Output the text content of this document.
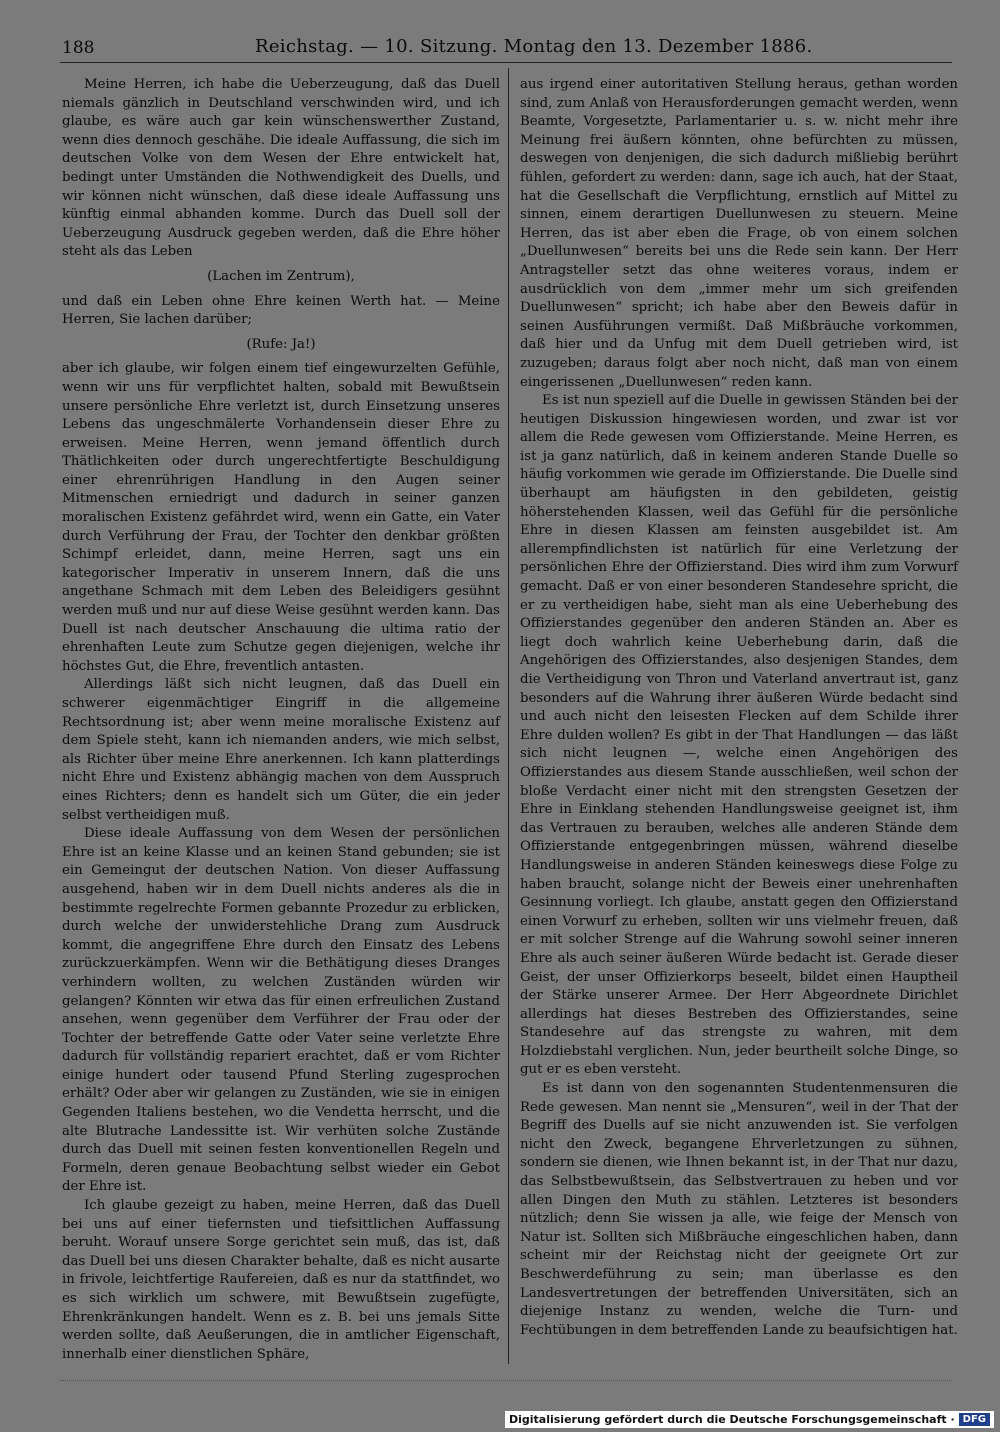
188	Reichstag. — 10. Sitzung. Montag den 13. Dezember 1886.

Meine Herren, ich habe die Ueberzeugung, daß das Duell niemals gänzlich in Deutschland verschwinden wird, und ich glaube, es wäre auch gar kein wünschenswerther Zustand, wenn dies dennoch geschähe. Die ideale Auffassung, die sich im deutschen Volke von dem Wesen der Ehre entwickelt hat, bedingt unter Umständen die Nothwendigkeit des Duells, und wir können nicht wünschen, daß diese ideale Auffassung uns künftig einmal abhanden komme. Durch das Duell soll der Ueberzeugung Ausdruck gegeben werden, daß die Ehre höher steht als das Leben

(Lachen im Zentrum),

und daß ein Leben ohne Ehre keinen Werth hat. — Meine Herren, Sie lachen darüber;

(Rufe: Ja!)

aber ich glaube, wir folgen einem tief eingewurzelten Gefühle, wenn wir uns für verpflichtet halten, sobald mit Bewußtsein unsere persönliche Ehre verletzt ist, durch Einsetzung unseres Lebens das ungeschmälerte Vorhandensein dieser Ehre zu erweisen. Meine Herren, wenn jemand öffentlich durch Thätlichkeiten oder durch ungerechtfertigte Beschuldigung einer ehrenrührigen Handlung in den Augen seiner Mitmenschen erniedrigt und dadurch in seiner ganzen moralischen Existenz gefährdet wird, wenn ein Gatte, ein Vater durch Verführung der Frau, der Tochter den denkbar größten Schimpf erleidet, dann, meine Herren, sagt uns ein kategorischer Imperativ in unserem Innern, daß die uns angethane Schmach mit dem Leben des Beleidigers gesühnt werden muß und nur auf diese Weise gesühnt werden kann. Das Duell ist nach deutscher Anschauung die ultima ratio der ehrenhaften Leute zum Schutze gegen diejenigen, welche ihr höchstes Gut, die Ehre, freventlich antasten.

Allerdings läßt sich nicht leugnen, daß das Duell ein schwerer eigenmächtiger Eingriff in die allgemeine Rechtsordnung ist; aber wenn meine moralische Existenz auf dem Spiele steht, kann ich niemanden anders, wie mich selbst, als Richter über meine Ehre anerkennen. Ich kann platterdings nicht Ehre und Existenz abhängig machen von dem Ausspruch eines Richters; denn es handelt sich um Güter, die ein jeder selbst vertheidigen muß.

Diese ideale Auffassung von dem Wesen der persönlichen Ehre ist an keine Klasse und an keinen Stand gebunden; sie ist ein Gemeingut der deutschen Nation. Von dieser Auffassung ausgehend, haben wir in dem Duell nichts anderes als die in bestimmte regelrechte Formen gebannte Prozedur zu erblicken, durch welche der unwiderstehliche Drang zum Ausdruck kommt, die angegriffene Ehre durch den Einsatz des Lebens zurückzuerkämpfen. Wenn wir die Bethätigung dieses Dranges verhindern wollten, zu welchen Zuständen würden wir gelangen? Könnten wir etwa das für einen erfreulichen Zustand ansehen, wenn gegenüber dem Verführer der Frau oder der Tochter der betreffende Gatte oder Vater seine verletzte Ehre dadurch für vollständig repariert erachtet, daß er vom Richter einige hundert oder tausend Pfund Sterling zugesprochen erhält? Oder aber wir gelangen zu Zuständen, wie sie in einigen Gegenden Italiens bestehen, wo die Vendetta herrscht, und die alte Blutrache Landessitte ist. Wir verhüten solche Zustände durch das Duell mit seinen festen konventionellen Regeln und Formeln, deren genaue Beobachtung selbst wieder ein Gebot der Ehre ist.

Ich glaube gezeigt zu haben, meine Herren, daß das Duell bei uns auf einer tiefernsten und tiefsittlichen Auffassung beruht. Worauf unsere Sorge gerichtet sein muß, das ist, daß das Duell bei uns diesen Charakter behalte, daß es nicht ausarte in frivole, leichtfertige Raufereien, daß es nur da stattfindet, wo es sich wirklich um schwere, mit Bewußtsein zugefügte, Ehrenkränkungen handelt. Wenn es z. B. bei uns jemals Sitte werden sollte, daß Aeußerungen, die in amtlicher Eigenschaft, innerhalb einer dienstlichen Sphäre,

aus irgend einer autoritativen Stellung heraus, gethan worden sind, zum Anlaß von Herausforderungen gemacht werden, wenn Beamte, Vorgesetzte, Parlamentarier u. s. w. nicht mehr ihre Meinung frei äußern könnten, ohne befürchten zu müssen, deswegen von denjenigen, die sich dadurch mißliebig berührt fühlen, gefordert zu werden: dann, sage ich auch, hat der Staat, hat die Gesellschaft die Verpflichtung, ernstlich auf Mittel zu sinnen, einem derartigen Duellunwesen zu steuern. Meine Herren, das ist aber eben die Frage, ob von einem solchen „Duellunwesen“ bereits bei uns die Rede sein kann. Der Herr Antragsteller setzt das ohne weiteres voraus, indem er ausdrücklich von dem „immer mehr um sich greifenden Duellunwesen“ spricht; ich habe aber den Beweis dafür in seinen Ausführungen vermißt. Daß Mißbräuche vorkommen, daß hier und da Unfug mit dem Duell getrieben wird, ist zuzugeben; daraus folgt aber noch nicht, daß man von einem eingerissenen „Duellunwesen“ reden kann.

Es ist nun speziell auf die Duelle in gewissen Ständen bei der heutigen Diskussion hingewiesen worden, und zwar ist vor allem die Rede gewesen vom Offizierstande. Meine Herren, es ist ja ganz natürlich, daß in keinem anderen Stande Duelle so häufig vorkommen wie gerade im Offizierstande. Die Duelle sind überhaupt am häufigsten in den gebildeten, geistig höherstehenden Klassen, weil das Gefühl für die persönliche Ehre in diesen Klassen am feinsten ausgebildet ist. Am allerempfindlichsten ist natürlich für eine Verletzung der persönlichen Ehre der Offizierstand. Dies wird ihm zum Vorwurf gemacht. Daß er von einer besonderen Standesehre spricht, die er zu vertheidigen habe, sieht man als eine Ueberhebung des Offizierstandes gegenüber den anderen Ständen an. Aber es liegt doch wahrlich keine Ueberhebung darin, daß die Angehörigen des Offizierstandes, also desjenigen Standes, dem die Vertheidigung von Thron und Vaterland anvertraut ist, ganz besonders auf die Wahrung ihrer äußeren Würde bedacht sind und auch nicht den leisesten Flecken auf dem Schilde ihrer Ehre dulden wollen? Es gibt in der That Handlungen — das läßt sich nicht leugnen —, welche einen Angehörigen des Offizierstandes aus diesem Stande ausschließen, weil schon der bloße Verdacht einer nicht mit den strengsten Gesetzen der Ehre in Einklang stehenden Handlungsweise geeignet ist, ihm das Vertrauen zu berauben, welches alle anderen Stände dem Offizierstande entgegenbringen müssen, während dieselbe Handlungsweise in anderen Ständen keineswegs diese Folge zu haben braucht, solange nicht der Beweis einer unehrenhaften Gesinnung vorliegt. Ich glaube, anstatt gegen den Offizierstand einen Vorwurf zu erheben, sollten wir uns vielmehr freuen, daß er mit solcher Strenge auf die Wahrung sowohl seiner inneren Ehre als auch seiner äußeren Würde bedacht ist. Gerade dieser Geist, der unser Offizierkorps beseelt, bildet einen Hauptheil der Stärke unserer Armee. Der Herr Abgeordnete Dirichlet allerdings hat dieses Bestreben des Offizierstandes, seine Standesehre auf das strengste zu wahren, mit dem Holzdiebstahl verglichen. Nun, jeder beurtheilt solche Dinge, so gut er es eben versteht.

Es ist dann von den sogenannten Studentenmensuren die Rede gewesen. Man nennt sie „Mensuren“, weil in der That der Begriff des Duells auf sie nicht anzuwenden ist. Sie verfolgen nicht den Zweck, begangene Ehrverletzungen zu sühnen, sondern sie dienen, wie Ihnen bekannt ist, in der That nur dazu, das Selbstbewußtsein, das Selbstvertrauen zu heben und vor allen Dingen den Muth zu stählen. Letzteres ist besonders nützlich; denn Sie wissen ja alle, wie feige der Mensch von Natur ist. Sollten sich Mißbräuche eingeschlichen haben, dann scheint mir der Reichstag nicht der geeignete Ort zur Beschwerdeführung zu sein; man überlasse es den Landesvertretungen der betreffenden Universitäten, sich an diejenige Instanz zu wenden, welche die Turn- und Fechtübungen in dem betreffenden Lande zu beaufsichtigen hat.

Digitalisierung gefördert durch die Deutsche Forschungsgemeinschaft · DFG
